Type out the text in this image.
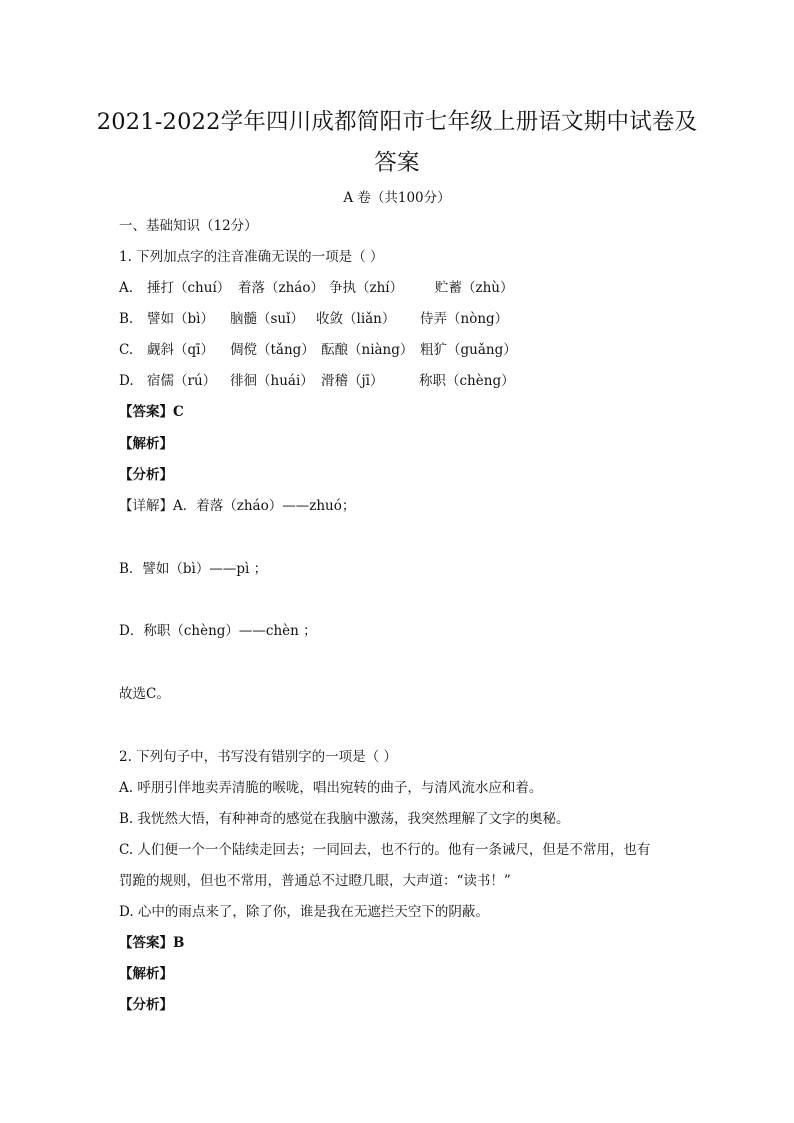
2021-2022学年四川成都简阳市七年级上册语文期中试卷及
答案
A 卷（共100分）
一、基础知识（12分）
1. 下列加点字的注音准确无误的一项是（ ）
A. 捶打（chuí） 着落（zháo） 争执（zhí） 贮蓄（zhù）
B. 譬如（bì） 脑髓（suǐ） 收敛（liǎn） 侍弄（nòng）
C. 觑斜（qī） 倜傥（tǎng） 酝酿（niàng） 粗犷（guǎng）
D. 宿儒（rú） 徘徊（huái） 滑稽（jī）	称职（chèng）
【答案】C
【解析】
【分析】
【详解】A．着落（zháo）——zhuó；
B．譬如（bì）——pì ；
D．称职（chèng）——chèn ；
故选C。
2. 下列句子中，书写没有错别字的一项是（ ）
A. 呼朋引伴地卖弄清脆的喉咙，唱出宛转的曲子，与清风流水应和着。
B. 我恍然大悟，有种神奇的感觉在我脑中激荡，我突然理解了文字的奥秘。
C. 人们便一个一个陆续走回去；一同回去，也不行的。他有一条诫尺，但是不常用，也有
罚跪的规则，但也不常用，普通总不过瞪几眼，大声道：“读书！”
D. 心中的雨点来了，除了你，谁是我在无遮拦天空下的阴蔽。
【答案】B
【解析】
【分析】
